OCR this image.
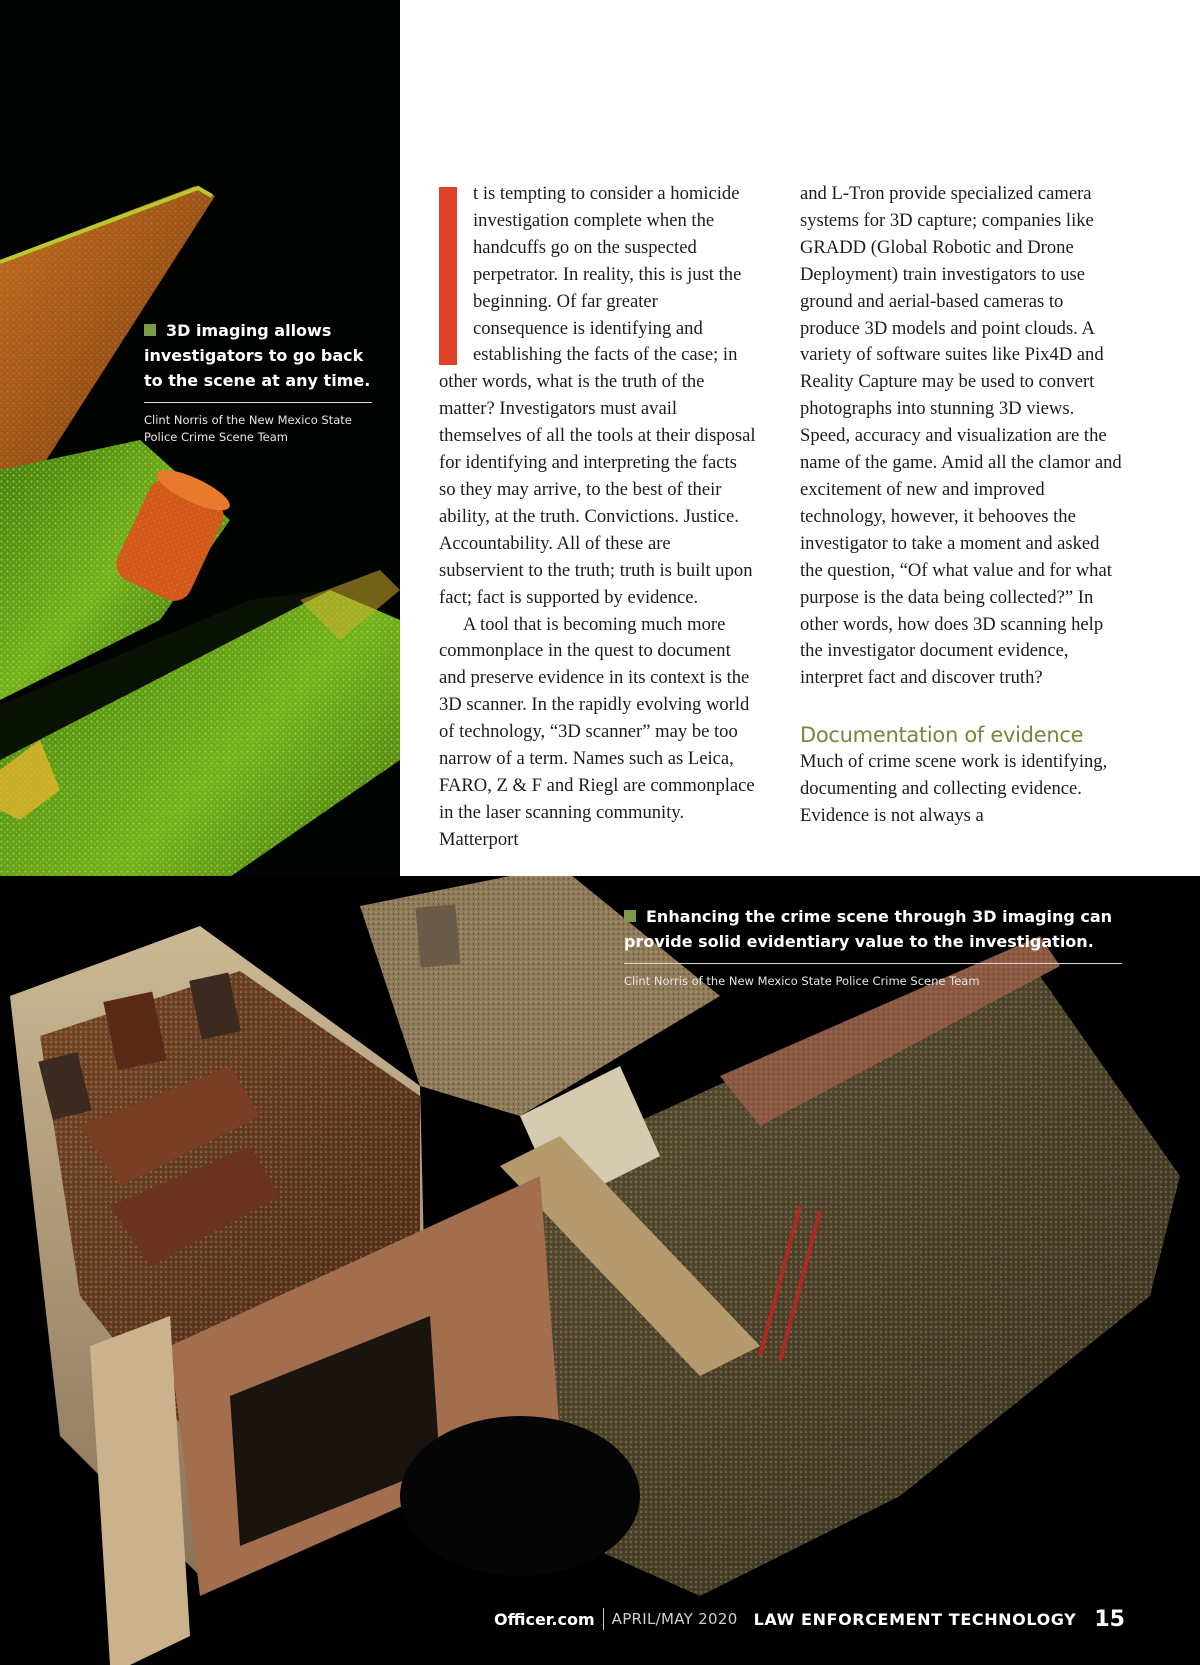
t is tempting to consider a homicide investigation complete when the handcuffs go on the suspected perpetrator. In reality, this is just the beginning. Of far greater consequence is identifying and establishing the facts of the case; in other words, what is the truth of the matter? Investigators must avail themselves of all the tools at their disposal for identifying and interpreting the facts so they may arrive, to the best of their ability, at the truth. Convictions. Justice. Accountability. All of these are subservient to the truth; truth is built upon fact; fact is supported by evidence.

A tool that is becoming much more commonplace in the quest to document and preserve evidence in its context is the 3D scanner. In the rapidly evolving world of technology, “3D scanner” may be too narrow of a term. Names such as Leica, FARO, Z & F and Riegl are commonplace in the laser scanning community. Matterport

and L-Tron provide specialized camera systems for 3D capture; companies like GRADD (Global Robotic and Drone Deployment) train investigators to use ground and aerial-based cameras to produce 3D models and point clouds. A variety of software suites like Pix4D and Reality Capture may be used to convert photographs into stunning 3D views. Speed, accuracy and visualization are the name of the game. Amid all the clamor and excitement of new and improved technology, however, it behooves the investigator to take a moment and asked the question, “Of what value and for what purpose is the data being collected?” In other words, how does 3D scanning help the investigator document evidence, interpret fact and discover truth?

Documentation of evidence

Much of crime scene work is identifying, documenting and collecting evidence. Evidence is not always a

3D imaging allows investigators to go back to the scene at any time.
Clint Norris of the New Mexico State Police Crime Scene Team
Enhancing the crime scene through 3D imaging can provide solid evidentiary value to the investigation.
Clint Norris of the New Mexico State Police Crime Scene Team
Officer.com APRIL/MAY 2020 LAW ENFORCEMENT TECHNOLOGY 15
